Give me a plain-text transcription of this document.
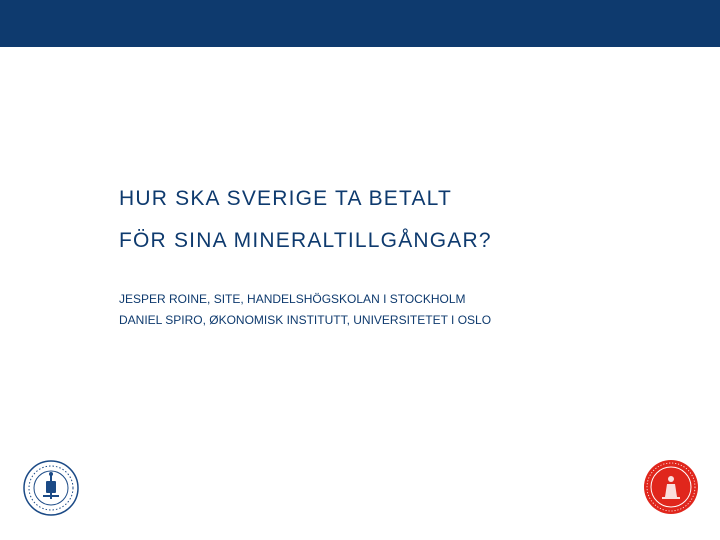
HUR SKA SVERIGE TA BETALT
FÖR SINA MINERALTILLGÅNGAR?
JESPER ROINE, SITE, HANDELSHÖGSKOLAN I STOCKHOLM
DANIEL SPIRO, ØKONOMISK INSTITUTT, UNIVERSITETET I OSLO
